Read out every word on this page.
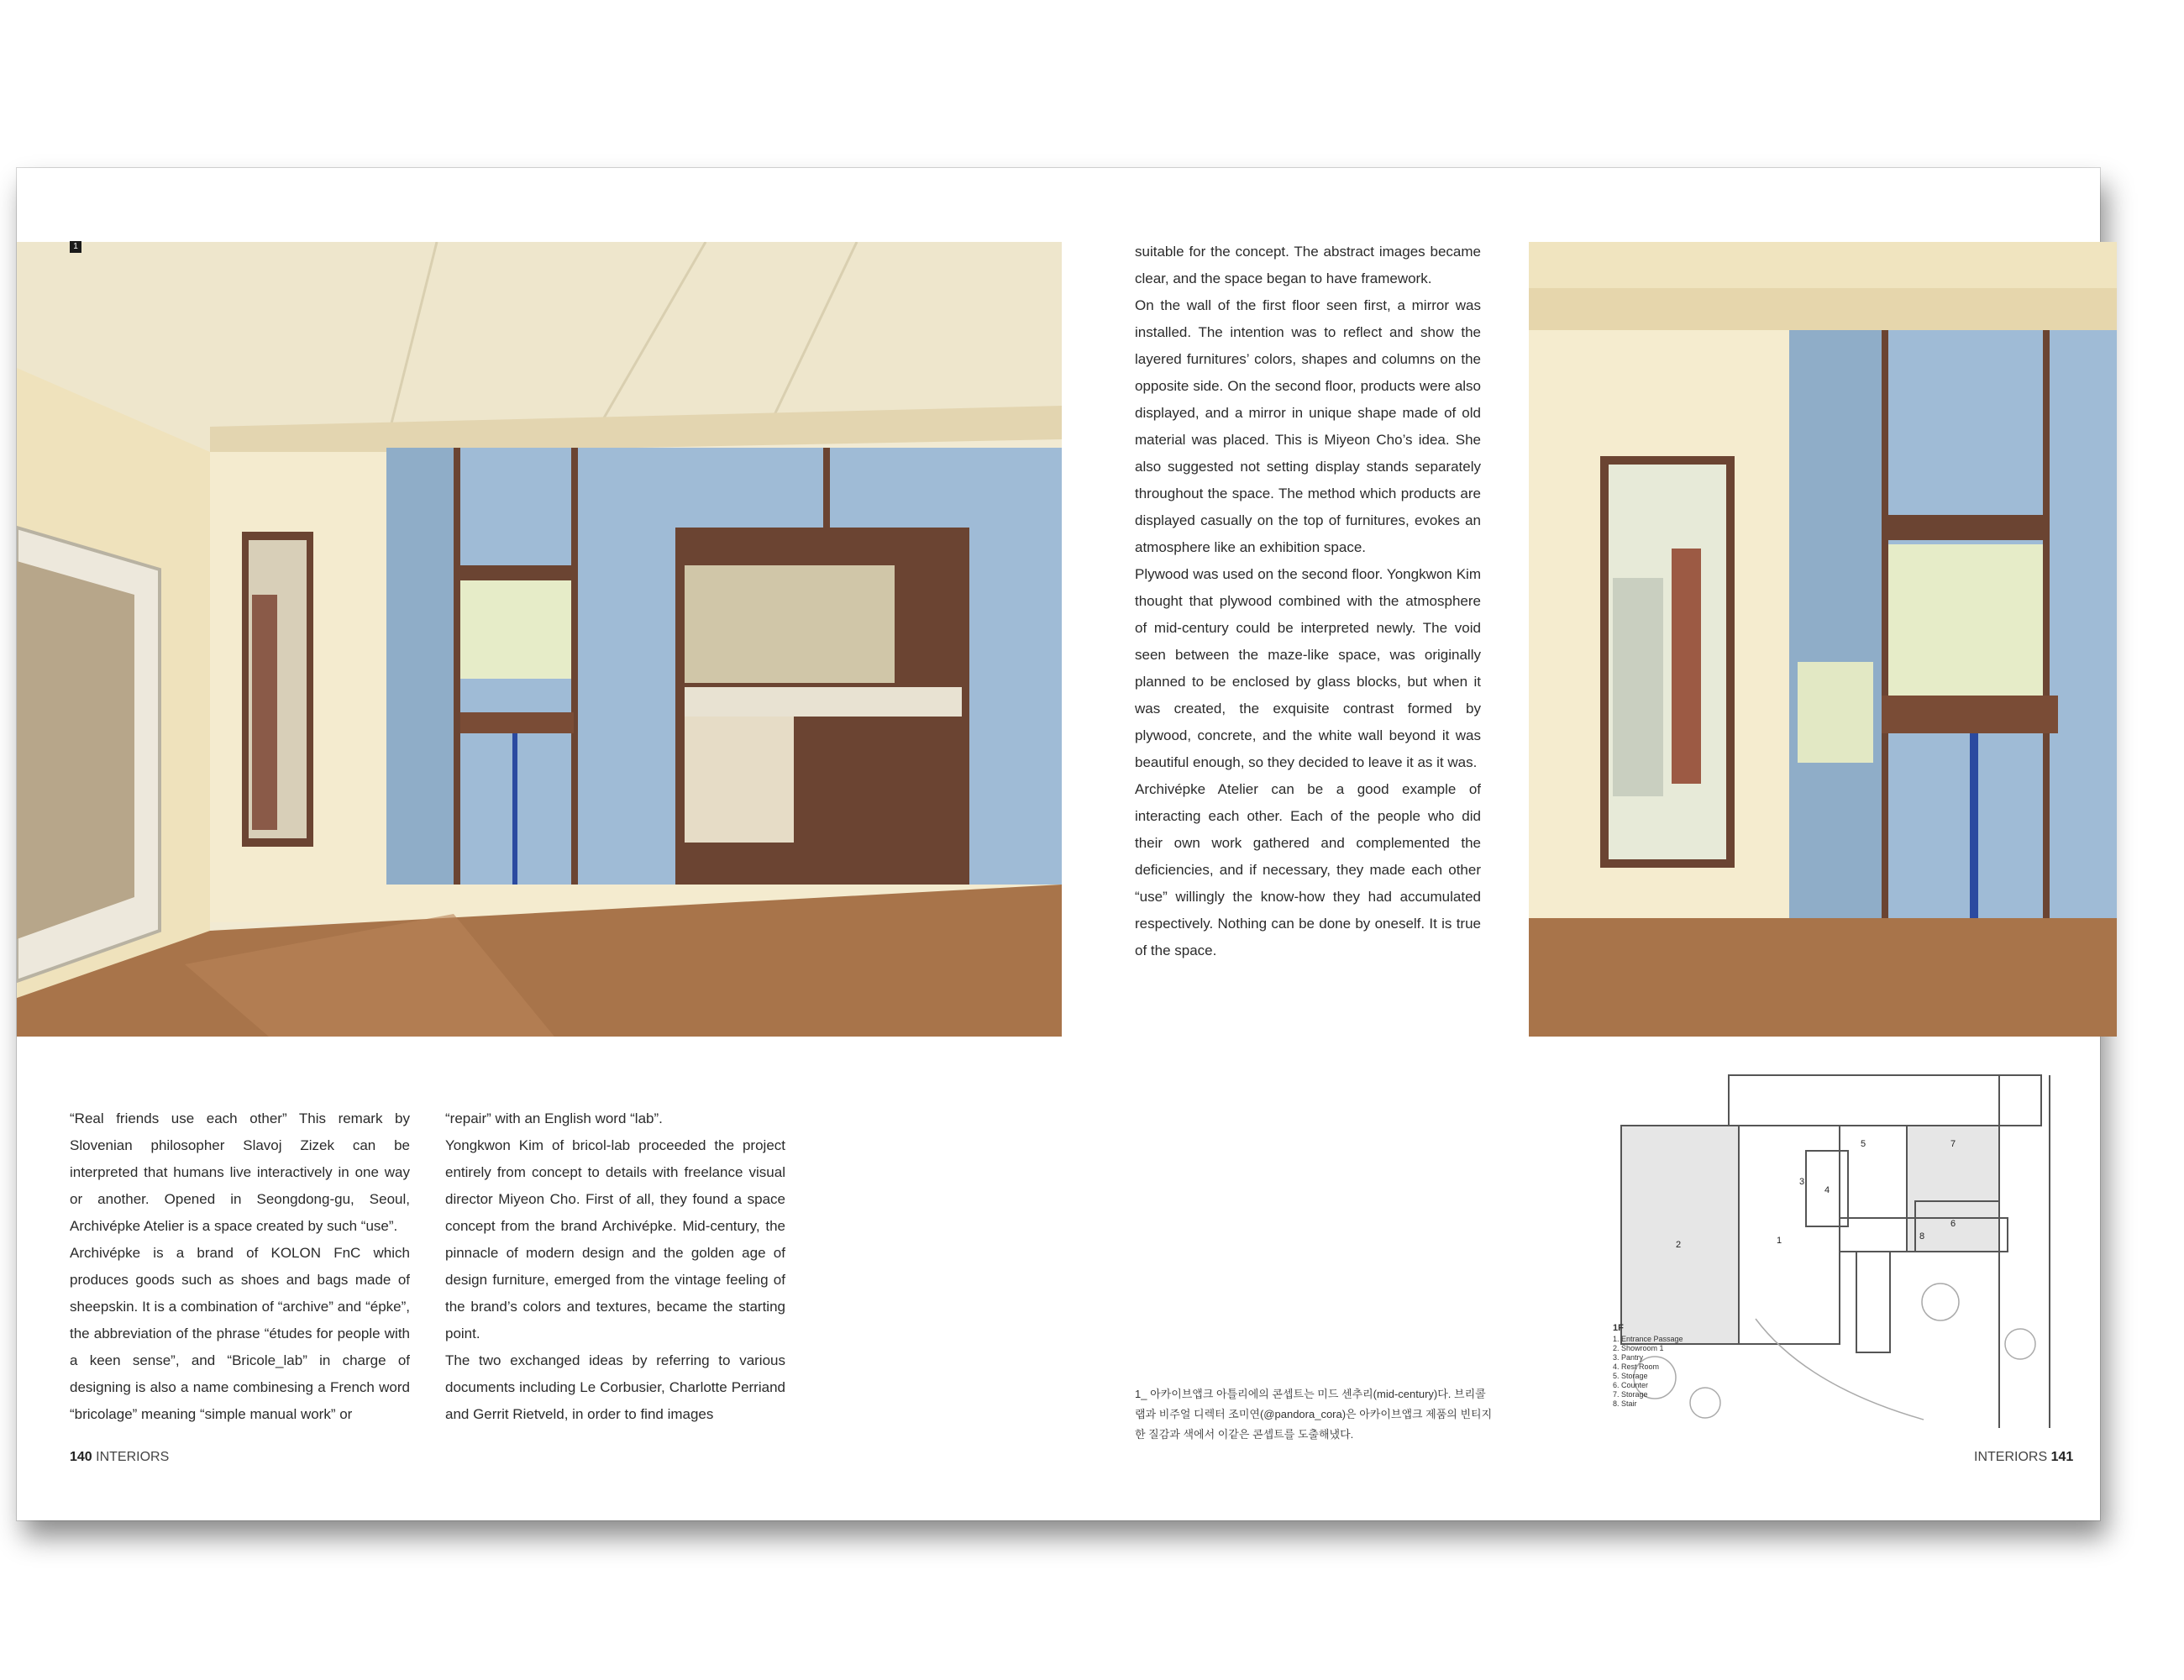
1

“Real friends use each other” This remark by Slovenian philosopher Slavoj Zizek can be interpreted that humans live interactively in one way or another. Opened in Seongdong-gu, Seoul, Archivépke Atelier is a space created by such “use”.

Archivépke is a brand of KOLON FnC which produces goods such as shoes and bags made of sheepskin. It is a combination of “archive” and “épke”, the abbreviation of the phrase “études for people with a keen sense”, and “Bricole_lab” in charge of designing is also a name combinesing a French word “bricolage” meaning “simple manual work” or

“repair” with an English word “lab”.

Yongkwon Kim of bricol-lab proceeded the project entirely from concept to details with freelance visual director Miyeon Cho. First of all, they found a space concept from the brand Archivépke. Mid-century, the pinnacle of modern design and the golden age of design furniture, emerged from the vintage feeling of the brand’s colors and textures, became the starting point.

The two exchanged ideas by referring to various documents including Le Corbusier, Charlotte Perriand and Gerrit Rietveld, in order to find images

suitable for the concept. The abstract images became clear, and the space began to have framework.

On the wall of the first floor seen first, a mirror was installed. The intention was to reflect and show the layered furnitures’ colors, shapes and columns on the opposite side. On the second floor, products were also displayed, and a mirror in unique shape made of old material was placed. This is Miyeon Cho’s idea. She also suggested not setting display stands separately throughout the space. The method which products are displayed casually on the top of furnitures, evokes an atmosphere like an exhibition space.

Plywood was used on the second floor. Yongkwon Kim thought that plywood combined with the atmosphere of mid-century could be interpreted newly. The void seen between the maze-like space, was originally planned to be enclosed by glass blocks, but when it was created, the exquisite contrast formed by plywood, concrete, and the white wall beyond it was beautiful enough, so they decided to leave it as it was.

Archivépke Atelier can be a good example of interacting each other. Each of the people who did their own work gathered and complemented the deficiencies, and if necessary, they made each other “use” willingly the know-how they had accumulated respectively. Nothing can be done by oneself. It is true of the space.

1_ 아카이브앱크 아틀리에의 콘셉트는 미드 센추리(mid-century)다. 브리콜랩과 비주얼 디렉터 조미연(@pandora_cora)은 아카이브앱크 제품의 빈티지한 질감과 색에서 이같은 콘셉트를 도출해냈다.
1
2
3
4
5
6
7
8
1F
1. Entrance Passage
2. Showroom 1
3. Pantry
4. Rest Room
5. Storage
6. Counter
7. Storage
8. Stair
140 INTERIORS	INTERIORS 141
